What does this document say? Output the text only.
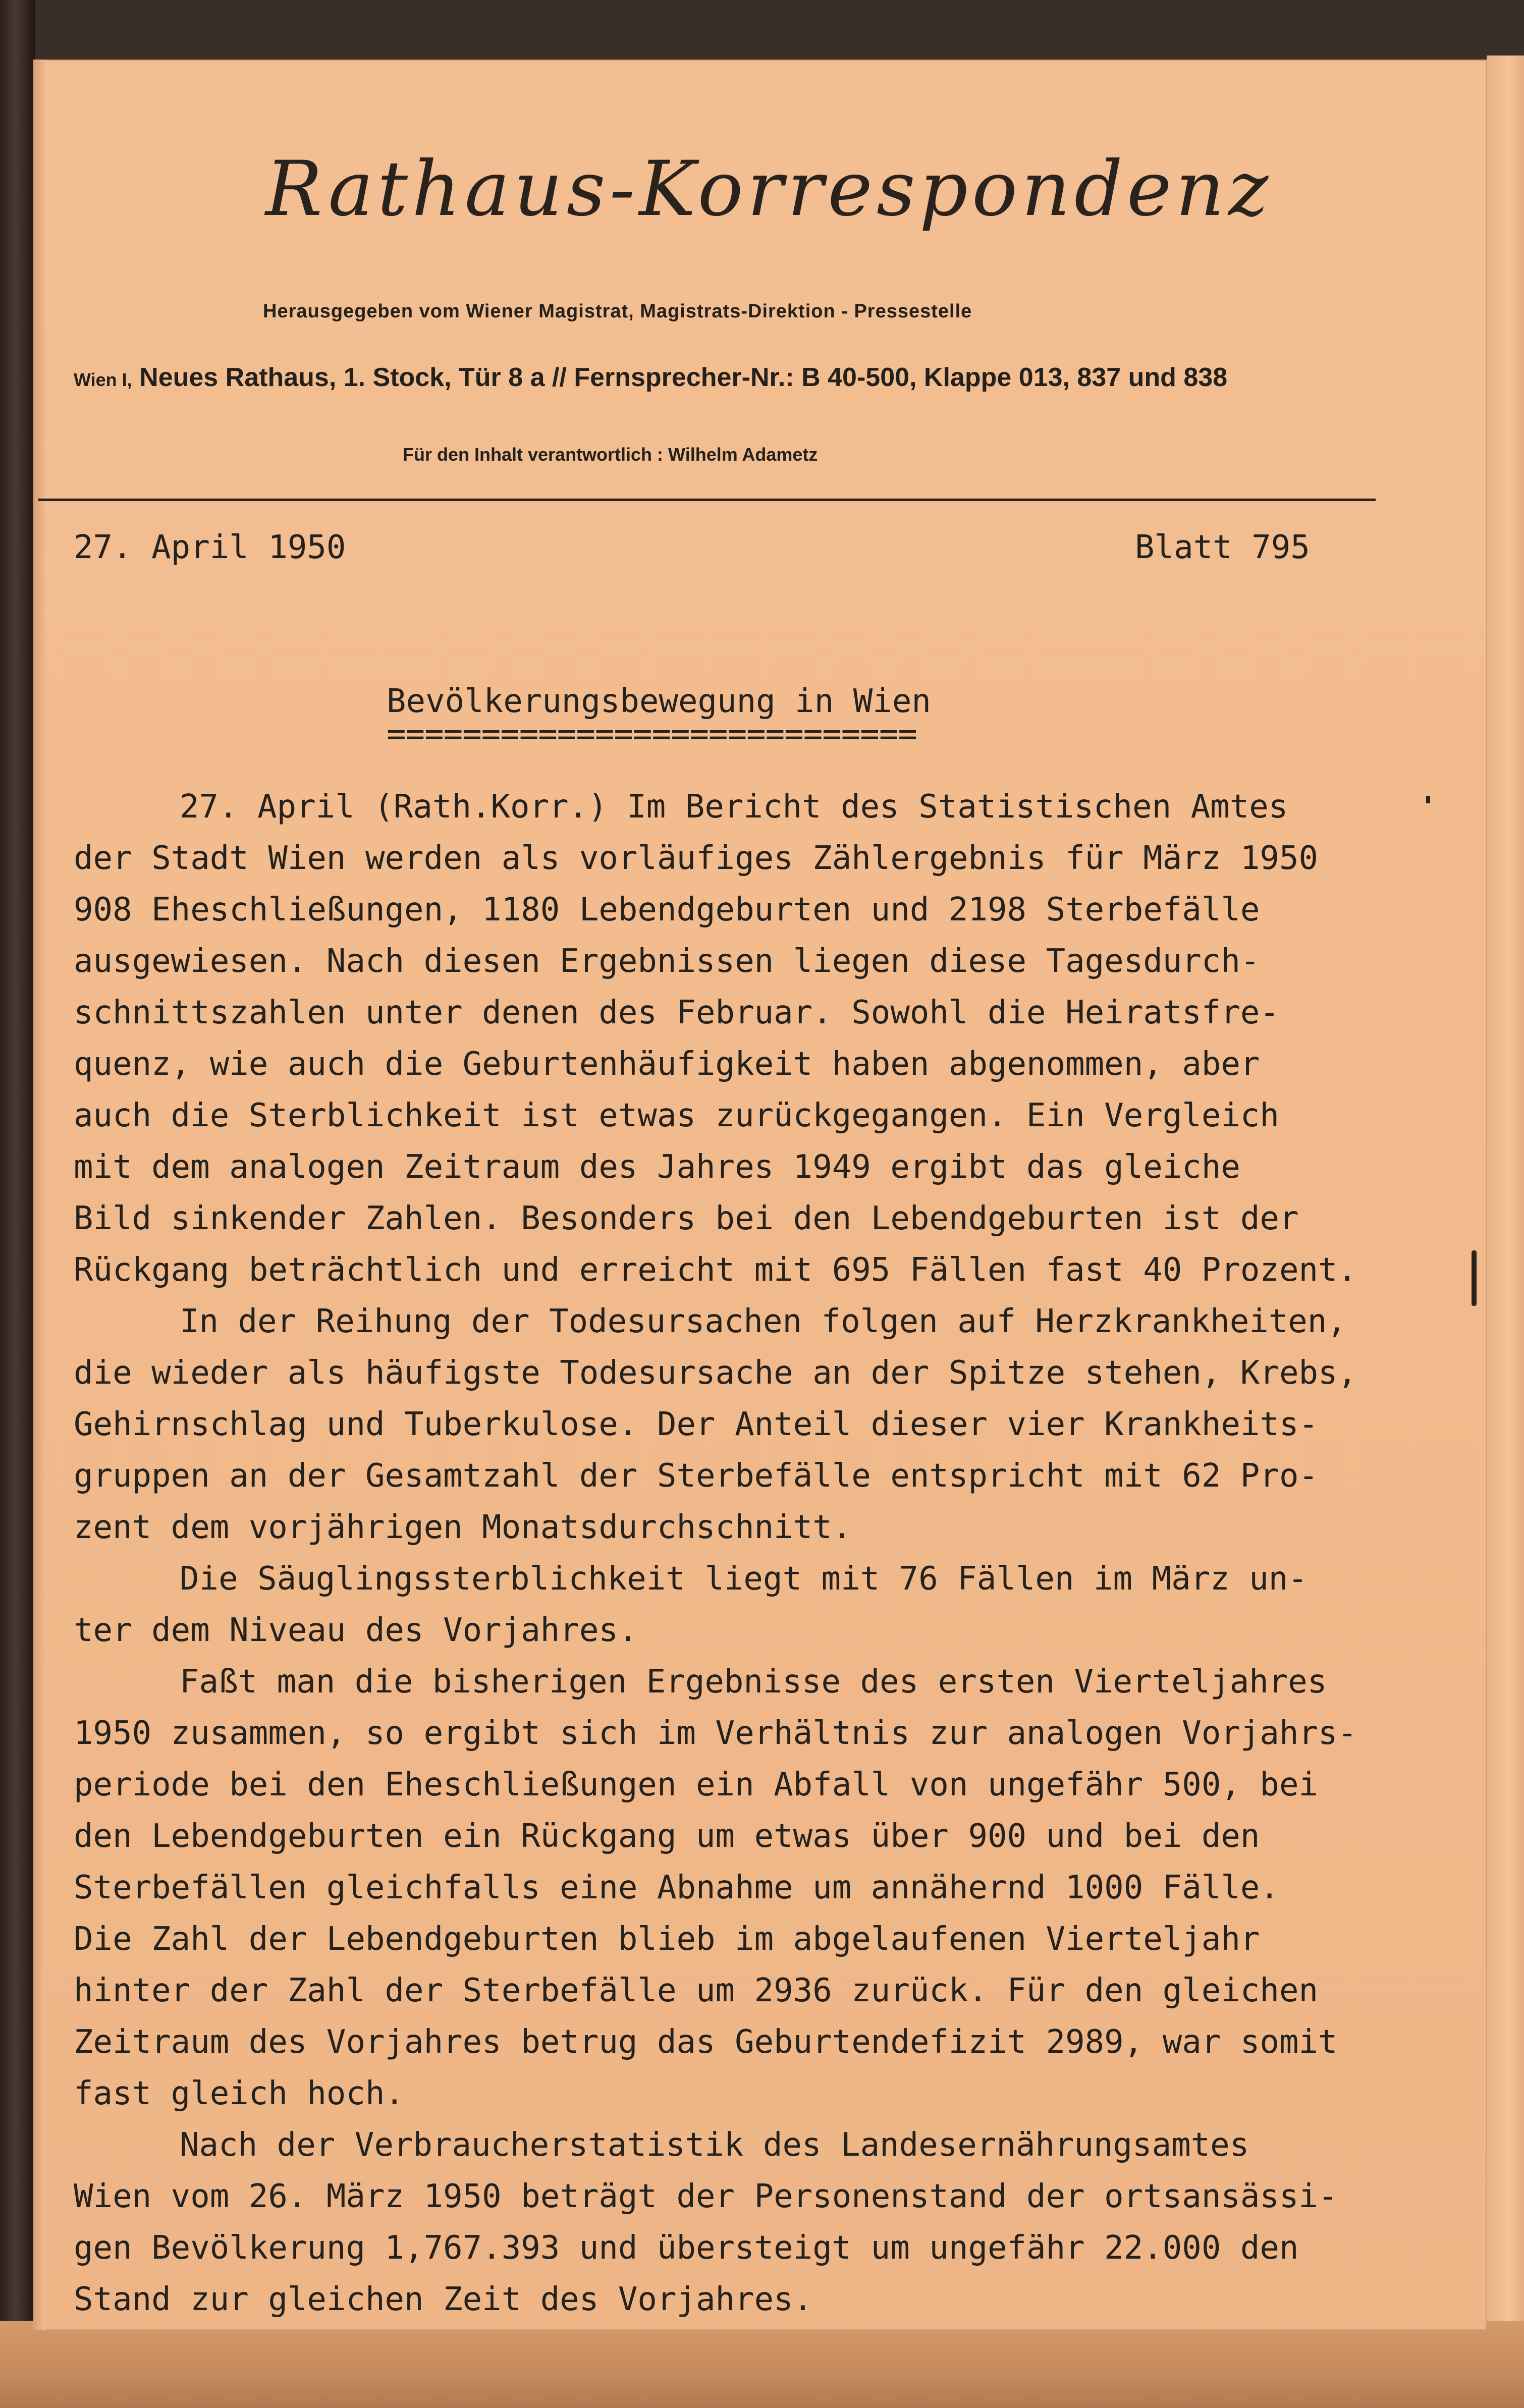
Rathaus-Korrespondenz
Herausgegeben vom Wiener Magistrat, Magistrats-Direktion - Pressestelle
Wien I, Neues Rathaus, 1. Stock, Tür 8 a // Fernsprecher-Nr.: B 40-500, Klappe 013, 837 und 838
Für den Inhalt verantwortlich : Wilhelm Adametz
27. April 1950	Blatt 795
Bevölkerungsbewegung in Wien
============================
27. April (Rath.Korr.) Im Bericht des Statistischen Amtes
der Stadt Wien werden als vorläufiges Zählergebnis für März 1950
908 Eheschließungen, 1180 Lebendgeburten und 2198 Sterbefälle
ausgewiesen. Nach diesen Ergebnissen liegen diese Tagesdurch-
schnittszahlen unter denen des Februar. Sowohl die Heiratsfre-
quenz, wie auch die Geburtenhäufigkeit haben abgenommen, aber
auch die Sterblichkeit ist etwas zurückgegangen. Ein Vergleich
mit dem analogen Zeitraum des Jahres 1949 ergibt das gleiche
Bild sinkender Zahlen. Besonders bei den Lebendgeburten ist der
Rückgang beträchtlich und erreicht mit 695 Fällen fast 40 Prozent.
In der Reihung der Todesursachen folgen auf Herzkrankheiten,
die wieder als häufigste Todesursache an der Spitze stehen, Krebs,
Gehirnschlag und Tuberkulose. Der Anteil dieser vier Krankheits-
gruppen an der Gesamtzahl der Sterbefälle entspricht mit 62 Pro-
zent dem vorjährigen Monatsdurchschnitt.
Die Säuglingssterblichkeit liegt mit 76 Fällen im März un-
ter dem Niveau des Vorjahres.
Faßt man die bisherigen Ergebnisse des ersten Vierteljahres
1950 zusammen, so ergibt sich im Verhältnis zur analogen Vorjahrs-
periode bei den Eheschließungen ein Abfall von ungefähr 500, bei
den Lebendgeburten ein Rückgang um etwas über 900 und bei den
Sterbefällen gleichfalls eine Abnahme um annähernd 1000 Fälle.
Die Zahl der Lebendgeburten blieb im abgelaufenen Vierteljahr
hinter der Zahl der Sterbefälle um 2936 zurück. Für den gleichen
Zeitraum des Vorjahres betrug das Geburtendefizit 2989, war somit
fast gleich hoch.
Nach der Verbraucherstatistik des Landesernährungsamtes
Wien vom 26. März 1950 beträgt der Personenstand der ortsansässi-
gen Bevölkerung 1,767.393 und übersteigt um ungefähr 22.000 den
Stand zur gleichen Zeit des Vorjahres.
